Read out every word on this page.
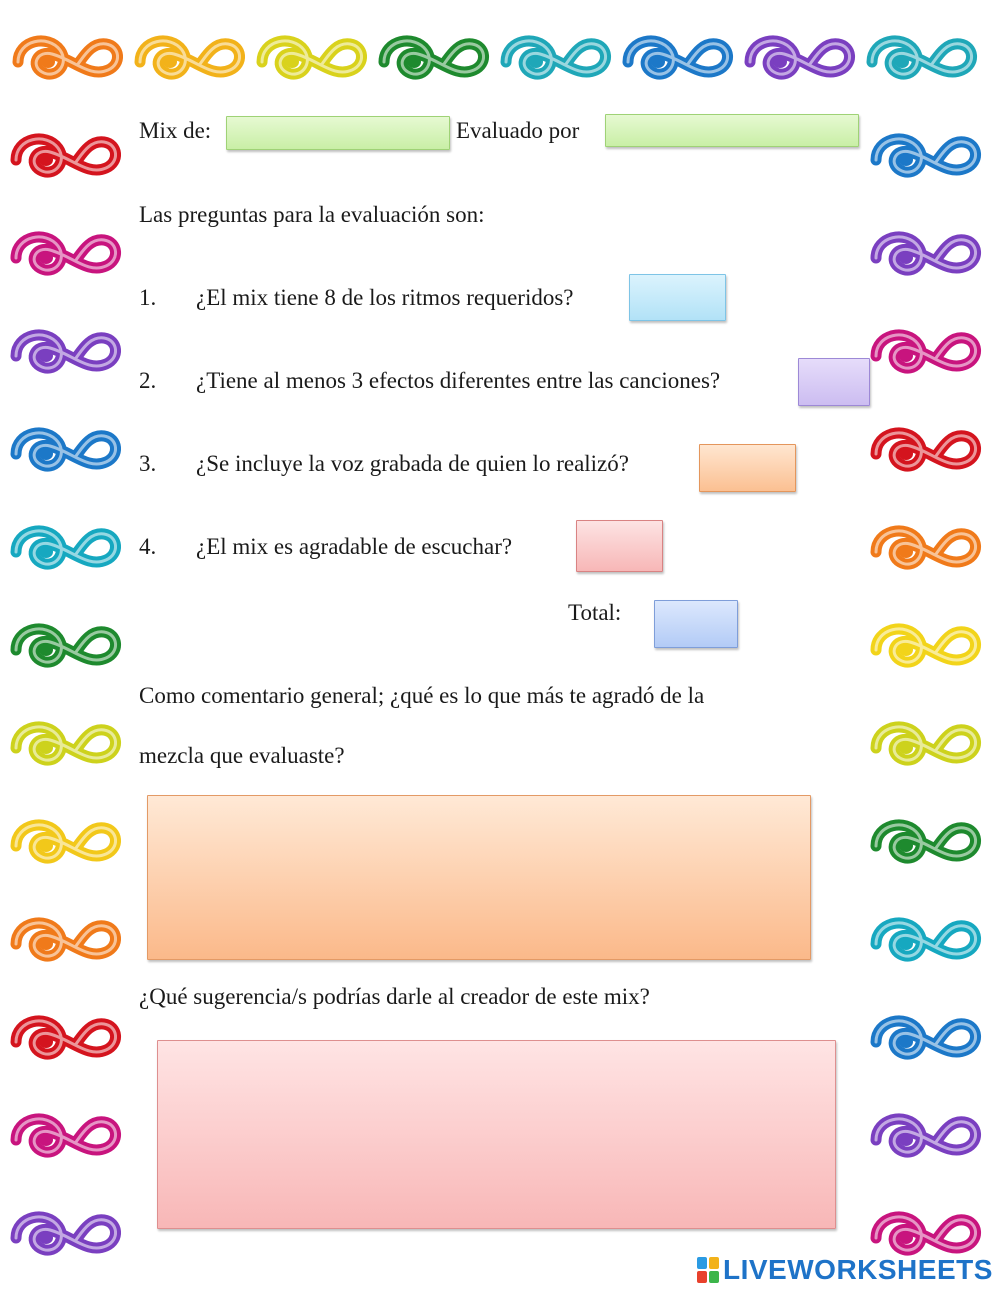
Mix de:	Evaluado por
Las preguntas para la evaluación son:
1. ¿El mix tiene 8 de los ritmos requeridos?
2. ¿Tiene al menos 3 efectos diferentes entre las canciones?
3. ¿Se incluye la voz grabada de quien lo realizó?
4. ¿El mix es agradable de escuchar?
Total:
Como comentario general; ¿qué es lo que más te agradó de la
mezcla que evaluaste?
¿Qué sugerencia/s podrías darle al creador de este mix?
LIVEWORKSHEETS
